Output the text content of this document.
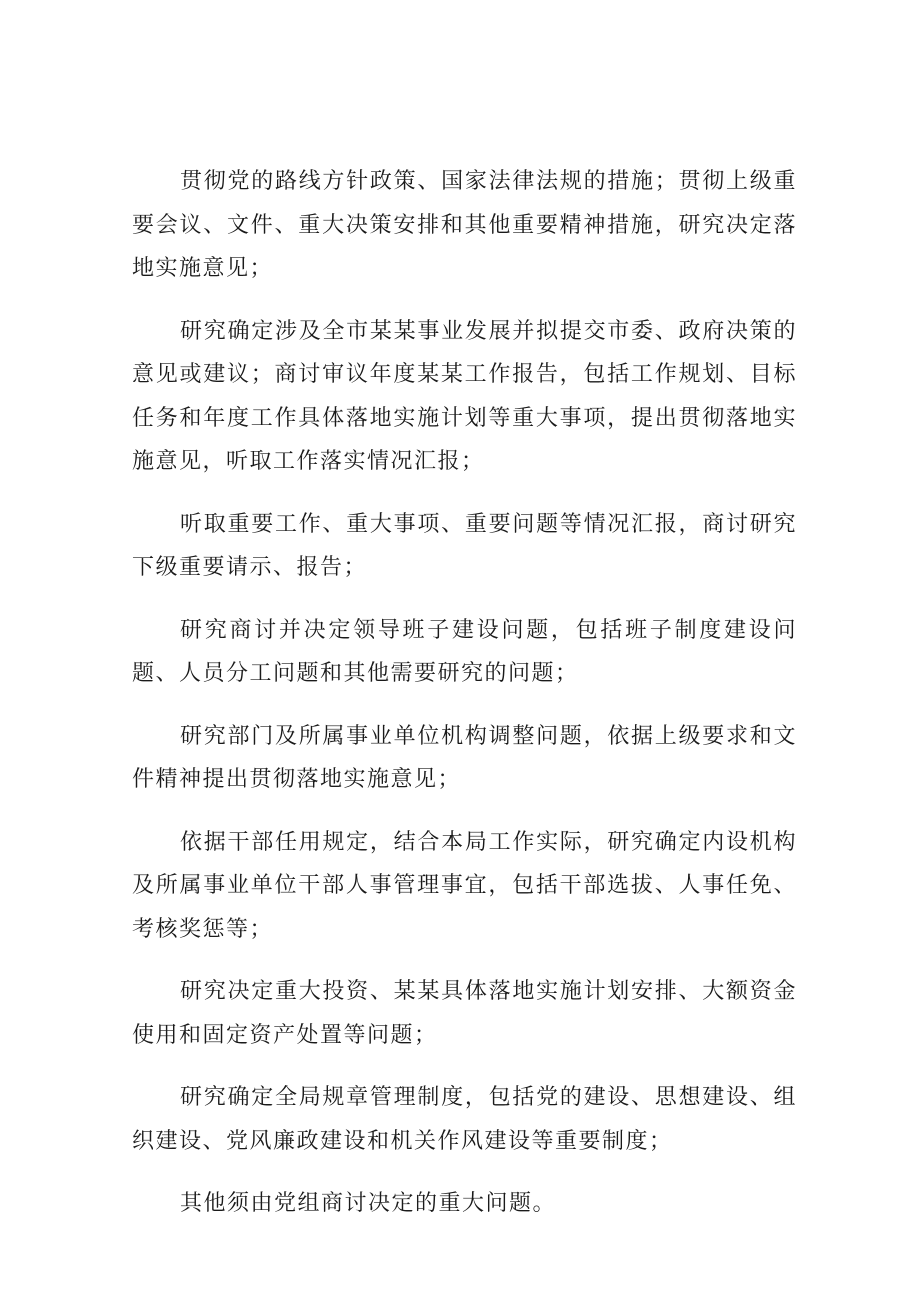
贯彻党的路线方针政策、国家法律法规的措施；贯彻上级重要会议、文件、重大决策安排和其他重要精神措施，研究决定落地实施意见；

研究确定涉及全市某某事业发展并拟提交市委、政府决策的意见或建议；商讨审议年度某某工作报告，包括工作规划、目标任务和年度工作具体落地实施计划等重大事项，提出贯彻落地实施意见，听取工作落实情况汇报；

听取重要工作、重大事项、重要问题等情况汇报，商讨研究下级重要请示、报告；

研究商讨并决定领导班子建设问题，包括班子制度建设问题、人员分工问题和其他需要研究的问题；

研究部门及所属事业单位机构调整问题，依据上级要求和文件精神提出贯彻落地实施意见；

依据干部任用规定，结合本局工作实际，研究确定内设机构及所属事业单位干部人事管理事宜，包括干部选拔、人事任免、考核奖惩等；

研究决定重大投资、某某具体落地实施计划安排、大额资金使用和固定资产处置等问题；

研究确定全局规章管理制度，包括党的建设、思想建设、组织建设、党风廉政建设和机关作风建设等重要制度；

其他须由党组商讨决定的重大问题。
